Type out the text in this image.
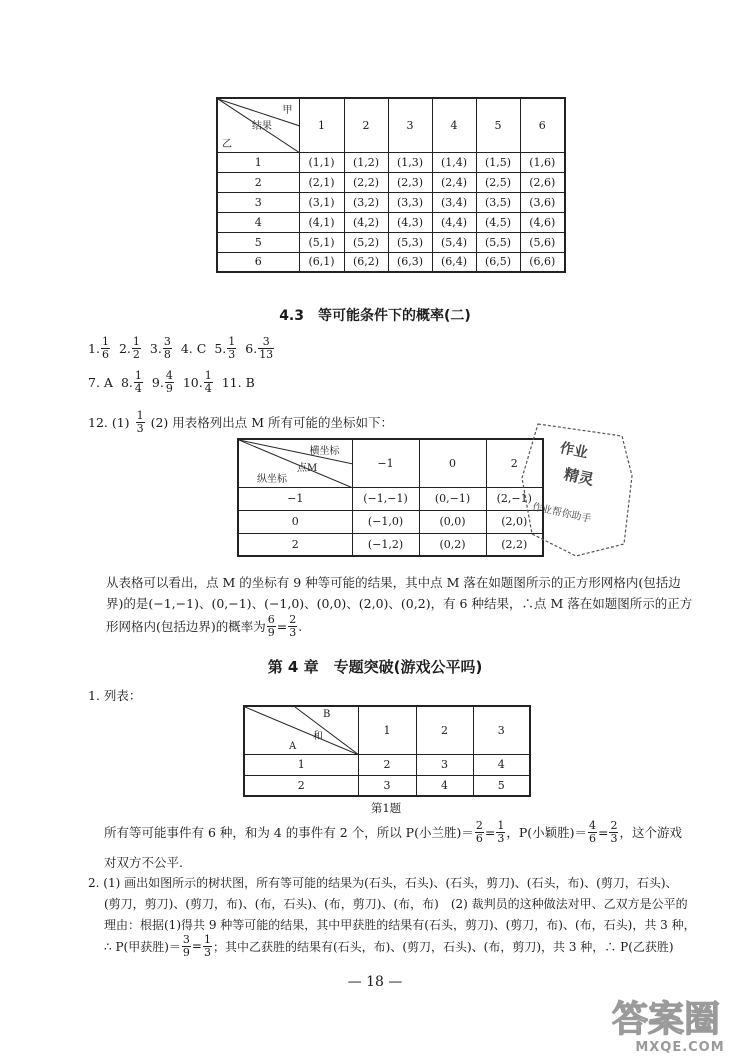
甲
结果
乙	1	2	3	4	5	6
1	(1,1)	(1,2)	(1,3)	(1,4)	(1,5)	(1,6)
2	(2,1)	(2,2)	(2,3)	(2,4)	(2,5)	(2,6)
3	(3,1)	(3,2)	(3,3)	(3,4)	(3,5)	(3,6)
4	(4,1)	(4,2)	(4,3)	(4,4)	(4,5)	(4,6)
5	(5,1)	(5,2)	(5,3)	(5,4)	(5,5)	(5,6)
6	(6,1)	(6,2)	(6,3)	(6,4)	(6,5)	(6,6)
4.3　等可能条件下的概率(二)
1. $\frac{1}{6} 2$. $\frac{1}{2} 3$. $\frac{3}{8} 4$.
C 5. $\frac{1}{3} 6$. $\frac{3}{13}$
7.
A 8. $\frac{1}{4} 9$. $\frac{4}{9} 10$. $\frac{1}{4} 11$.
B
12. $(1) \frac{1}{3} (2)$ 用表格列出点 M 所有可能的坐标如下：
横坐标
点M
纵坐标	−1	0	2
−1	(−1,−1)	(0,−1)	(2,−1)
0	(−1,0)	(0,0)	(2,0)
2	(−1,2)	(0,2)	(2,2)
作业
精灵
作业帮你助手
从表格可以看出，点 M 的坐标有 9 种等可能的结果，其中点 M 落在如题图所示的正方形网格内(包括边
界)的是(−1,−1)、(0,−1)、(−1,0)、(0,0)、(2,0)、(0,2)，有 6 种结果，∴点 M 落在如题图所示的正方
形网格内(包括边界)的概率为 $\frac{6}{9} = \frac{2}{3}$ .
第 4 章　专题突破(游戏公平吗)
1. 列表：
B
和
A	1	2	3
1	2	3	4
2	3	4	5
第1题
所有等可能事件有 6 种，和为 4 的事件有 2 个，所以 P(小兰胜)＝ $\frac{2}{6} = \frac{1}{3}$ ，P(小颖胜)＝ $\frac{4}{6} = \frac{2}{3}$ ，这个游戏
对双方不公平.
2. (1) 画出如图所示的树状图，所有等可能的结果为(石头，石头)、(石头，剪刀)、(石头，布)、(剪刀，石头)、
(剪刀，剪刀)、(剪刀，布)、(布，石头)、(布，剪刀)、(布，布)　(2) 裁判员的这种做法对甲、乙双方是公平的
理由：根据(1)得共 9 种等可能的结果，其中甲获胜的结果有(石头，剪刀)、(剪刀，布)、(布，石头)，共 3 种，
∴ P(甲获胜)＝ $\frac{3}{9} = \frac{1}{3}$ ；其中乙获胜的结果有(石头，布)、(剪刀，石头)、(布，剪刀)，共 3 种，∴ P(乙获胜)
— 18 —
答案圈
MXQE.COM
